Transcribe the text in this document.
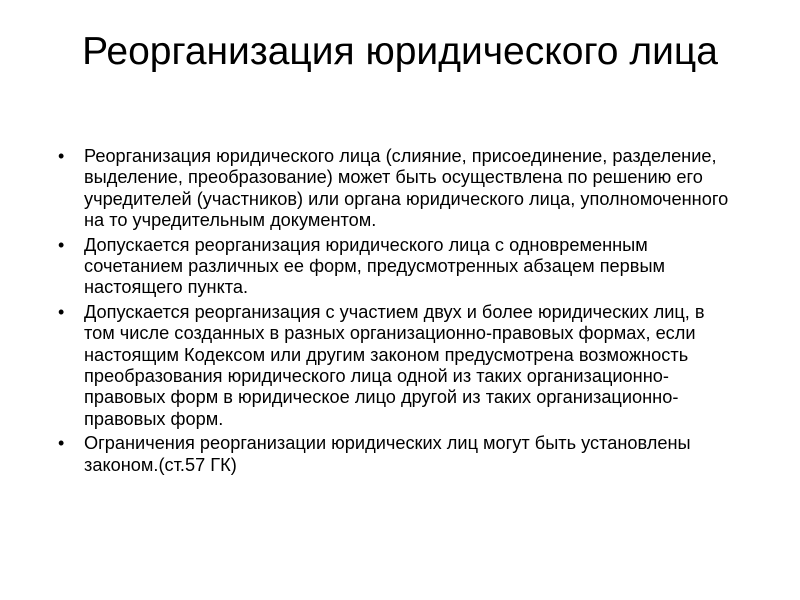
Реорганизация юридического лица
• Реорганизация юридического лица (слияние, присоединение, разделение, выделение, преобразование) может быть осуществлена по решению его учредителей (участников) или органа юридического лица, уполномоченного на то учредительным документом.
• Допускается реорганизация юридического лица с одновременным сочетанием различных ее форм, предусмотренных абзацем первым настоящего пункта.
• Допускается реорганизация с участием двух и более юридических лиц, в том числе созданных в разных организационно-правовых формах, если настоящим Кодексом или другим законом предусмотрена возможность преобразования юридического лица одной из таких организационно-правовых форм в юридическое лицо другой из таких организационно-правовых форм.
• Ограничения реорганизации юридических лиц могут быть установлены законом.(ст.57 ГК)
